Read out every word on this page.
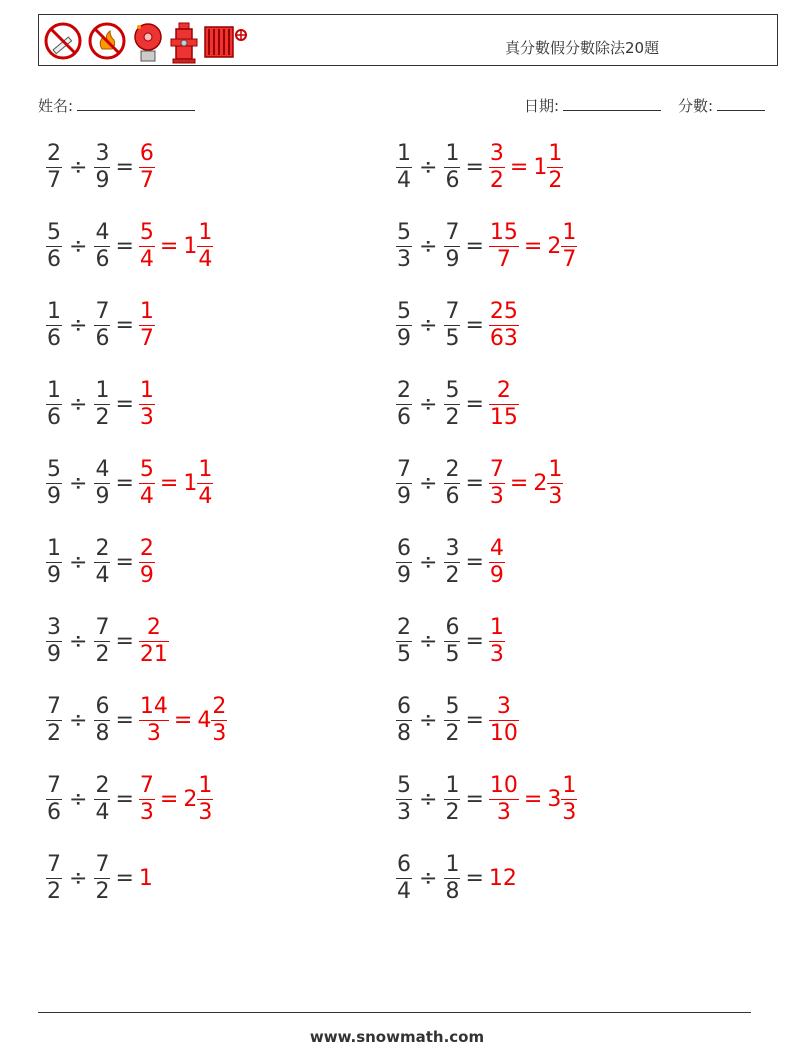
真分數假分數除法20題
姓名:	日期:	分數:
$\frac{2}{7} \div \frac{3}{9} = \frac{6}{7}$	$\frac{1}{4} \div \frac{1}{6} = \frac{3}{2} = 1 \frac{1}{2}$
$\frac{5}{6} \div \frac{4}{6} = \frac{5}{4} = 1 \frac{1}{4}$	$\frac{5}{3} \div \frac{7}{9} = \frac{15}{7} = 2 \frac{1}{7}$
$\frac{1}{6} \div \frac{7}{6} = \frac{1}{7}$	$\frac{5}{9} \div \frac{7}{5} = \frac{25}{63}$
$\frac{1}{6} \div \frac{1}{2} = \frac{1}{3}$	$\frac{2}{6} \div \frac{5}{2} = \frac{2}{15}$
$\frac{5}{9} \div \frac{4}{9} = \frac{5}{4} = 1 \frac{1}{4}$	$\frac{7}{9} \div \frac{2}{6} = \frac{7}{3} = 2 \frac{1}{3}$
$\frac{1}{9} \div \frac{2}{4} = \frac{2}{9}$	$\frac{6}{9} \div \frac{3}{2} = \frac{4}{9}$
$\frac{3}{9} \div \frac{7}{2} = \frac{2}{21}$	$\frac{2}{5} \div \frac{6}{5} = \frac{1}{3}$
$\frac{7}{2} \div \frac{6}{8} = \frac{14}{3} = 4 \frac{2}{3}$	$\frac{6}{8} \div \frac{5}{2} = \frac{3}{10}$
$\frac{7}{6} \div \frac{2}{4} = \frac{7}{3} = 2 \frac{1}{3}$	$\frac{5}{3} \div \frac{1}{2} = \frac{10}{3} = 3 \frac{1}{3}$
$\frac{7}{2} \div \frac{7}{2} = 1$	$\frac{6}{4} \div \frac{1}{8} = 12$
www.snowmath.com
